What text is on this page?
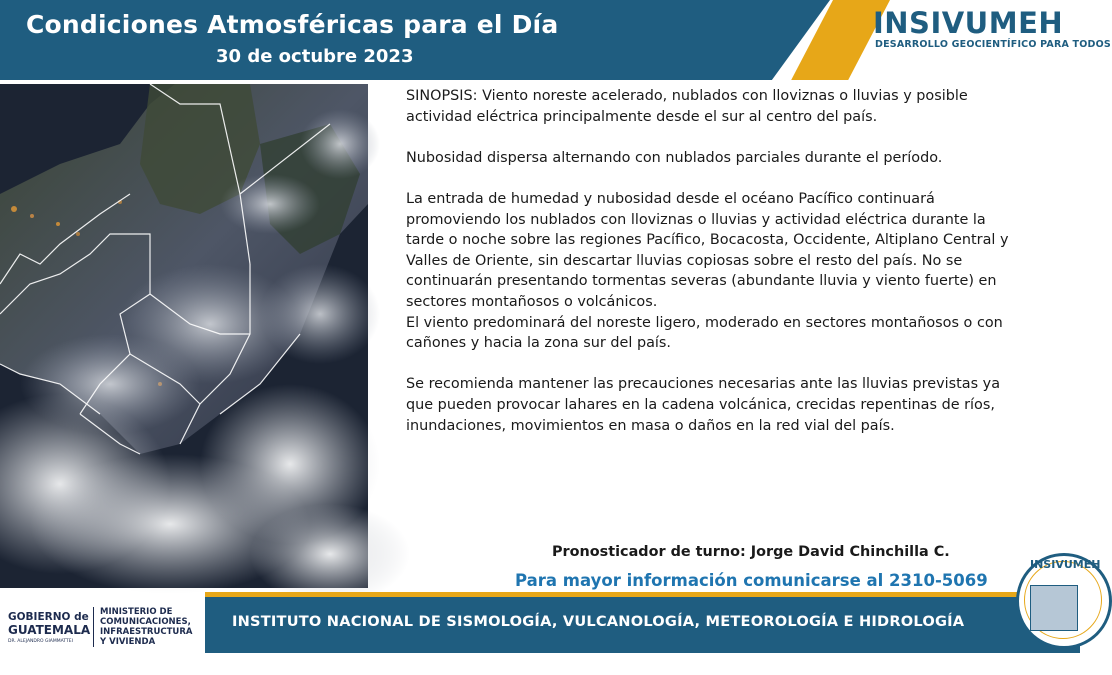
Condiciones Atmosféricas para el Día
30 de octubre 2023
INSIVUMEH
DESARROLLO GEOCIENTÍFICO PARA TODOS

SINOPSIS: Viento noreste acelerado, nublados con lloviznas o lluvias y posible

actividad eléctrica principalmente desde el sur al centro del país.

Nubosidad dispersa alternando con nublados parciales durante el período.

La entrada de humedad y nubosidad desde el océano Pacífico continuará

promoviendo los nublados con lloviznas o lluvias y actividad eléctrica durante la

tarde o noche sobre las regiones Pacífico, Bocacosta, Occidente, Altiplano Central y

Valles de Oriente, sin descartar lluvias copiosas sobre el resto del país. No se

continuarán presentando tormentas severas (abundante lluvia y viento fuerte) en

sectores montañosos o volcánicos.

El viento predominará del noreste ligero, moderado en sectores montañosos o con

cañones y hacia la zona sur del país.

Se recomienda mantener las precauciones necesarias ante las lluvias previstas ya

que pueden provocar lahares en la cadena volcánica, crecidas repentinas de ríos,

inundaciones, movimientos en masa o daños en la red vial del país.

Pronosticador de turno: Jorge David Chinchilla C.
Para mayor información comunicarse al 2310-5069
GOBIERNO de
GUATEMALA
DR. ALEJANDRO GIAMMATTEI
MINISTERIO DE
COMUNICACIONES,
INFRAESTRUCTURA
Y VIVIENDA
INSTITUTO NACIONAL DE SISMOLOGÍA, VULCANOLOGÍA, METEOROLOGÍA E HIDROLOGÍA
INSIVUMEH
